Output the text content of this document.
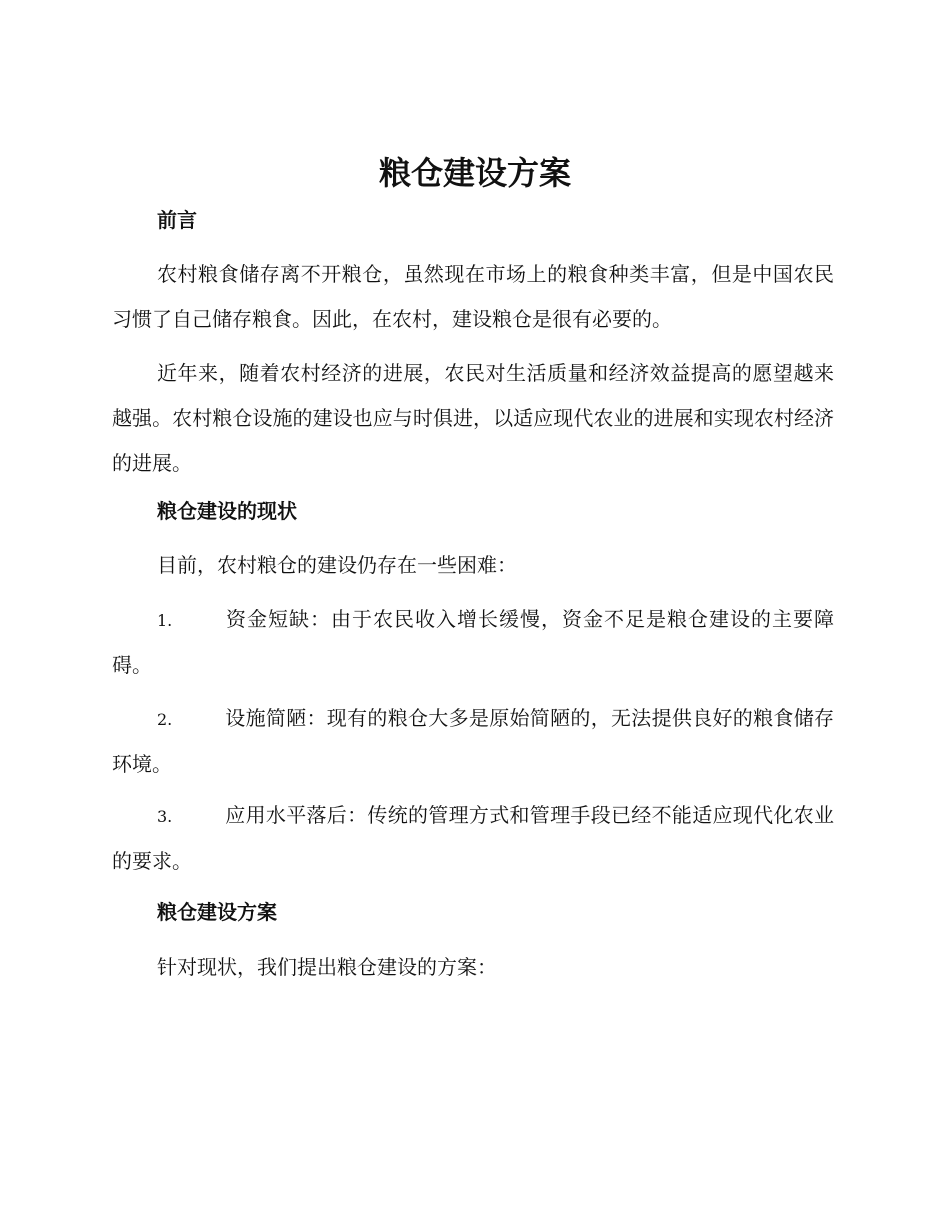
粮仓建设方案
前言

农村粮食储存离不开粮仓，虽然现在市场上的粮食种类丰富，但是中国农民习惯了自己储存粮食。因此，在农村，建设粮仓是很有必要的。

近年来，随着农村经济的进展，农民对生活质量和经济效益提高的愿望越来越强。农村粮仓设施的建设也应与时俱进，以适应现代农业的进展和实现农村经济的进展。

粮仓建设的现状

目前，农村粮仓的建设仍存在一些困难：

1.	资金短缺：由于农民收入增长缓慢，资金不足是粮仓建设的主要障碍。

2.	设施简陋：现有的粮仓大多是原始简陋的，无法提供良好的粮食储存环境。

3.	应用水平落后：传统的管理方式和管理手段已经不能适应现代化农业的要求。

粮仓建设方案

针对现状，我们提出粮仓建设的方案：
